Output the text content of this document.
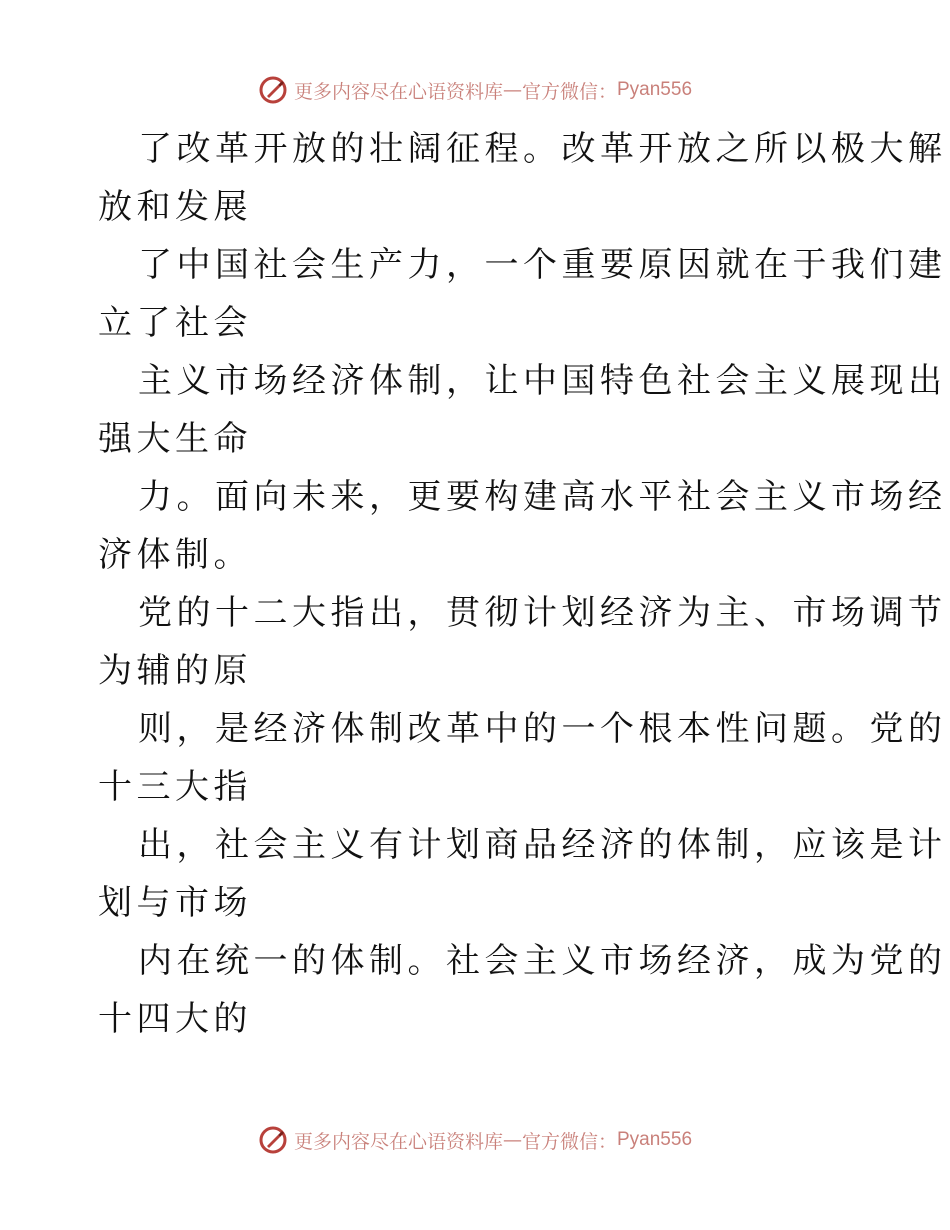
更多内容尽在心语资料库 — 官方微信： Pyan556

了改革开放的壮阔征程。改革开放之所以极大解
放和发展

了中国社会生产力，一个重要原因就在于我们建
立了社会

主义市场经济体制，让中国特色社会主义展现出
强大生命

力。面向未来，更要构建高水平社会主义市场经
济体制。

党的十二大指出，贯彻计划经济为主、市场调节
为辅的原

则，是经济体制改革中的一个根本性问题。党的
十三大指

出，社会主义有计划商品经济的体制，应该是计
划与市场

内在统一的体制。社会主义市场经济，成为党的
十四大的

更多内容尽在心语资料库 — 官方微信： Pyan556
